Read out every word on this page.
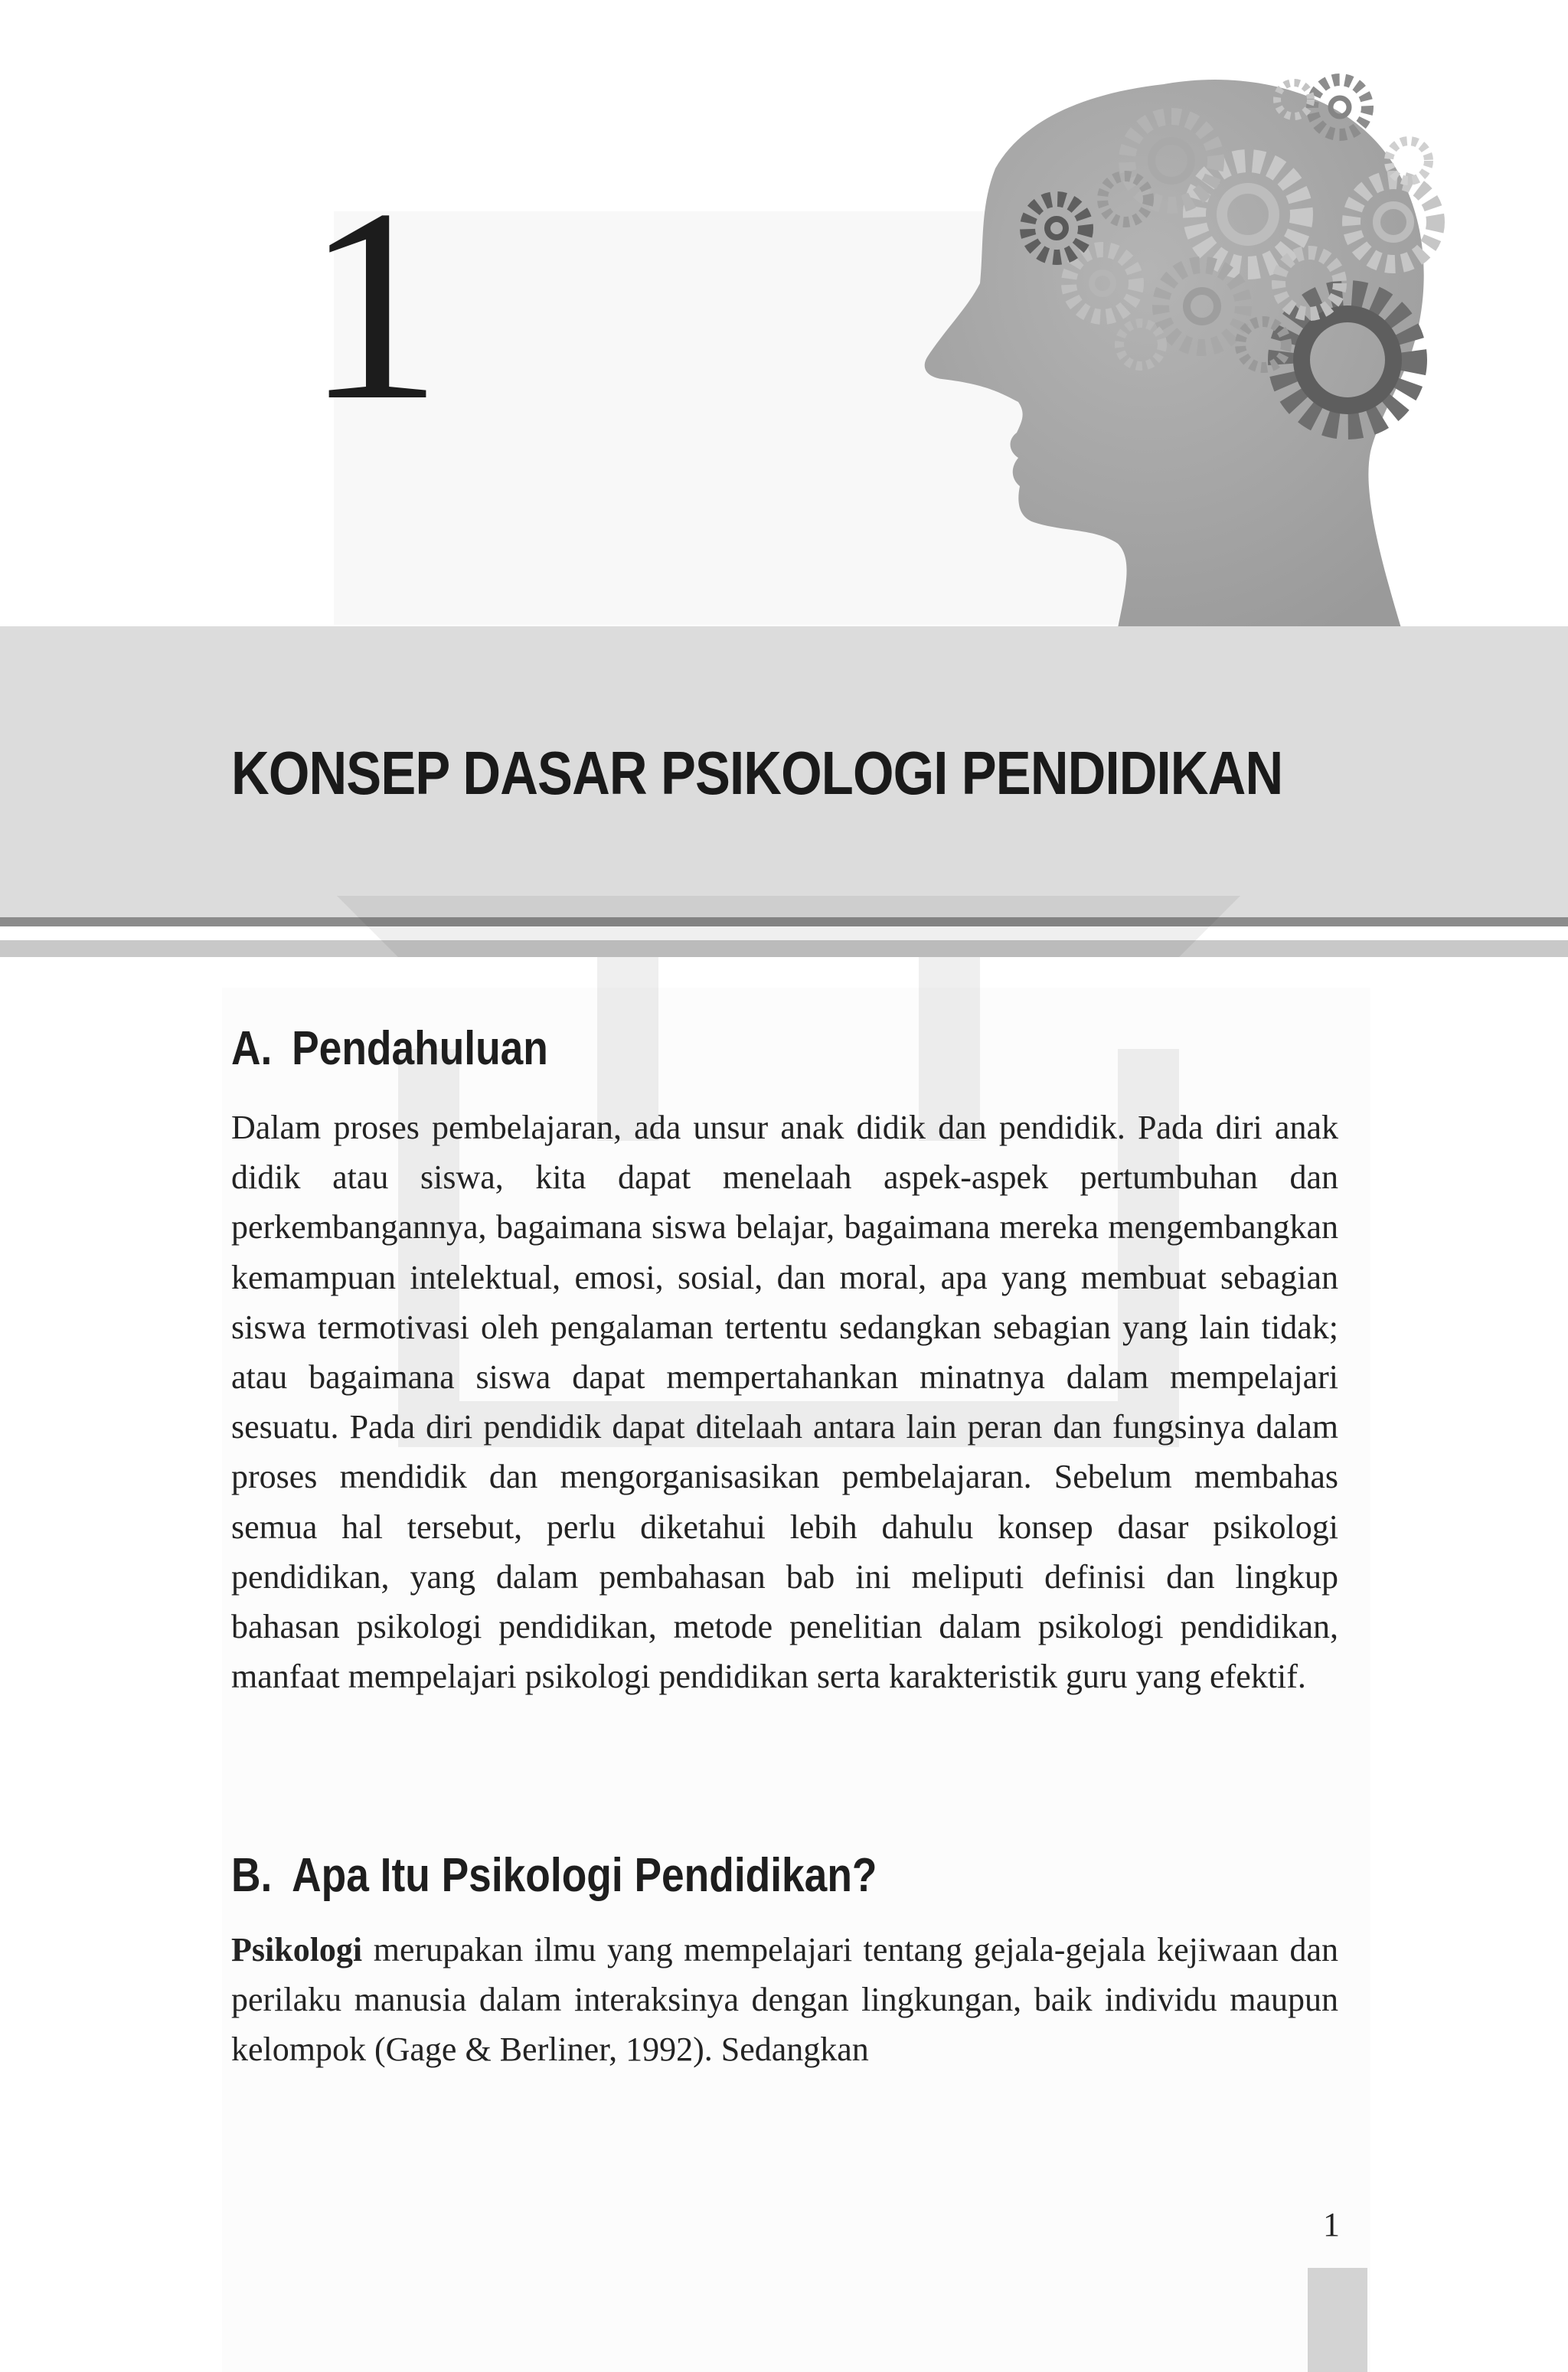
1
KONSEP DASAR PSIKOLOGI PENDIDIKAN
A. Pendahuluan
Dalam proses pembelajaran, ada unsur anak didik dan pendidik. Pada diri anak didik atau siswa, kita dapat menelaah aspek-aspek pertumbuhan dan perkembangannya, bagaimana siswa belajar, bagaimana mereka mengembangkan kemampuan intelektual, emosi, sosial, dan moral, apa yang membuat sebagian siswa termotivasi oleh pengalaman tertentu sedangkan sebagian yang lain tidak; atau bagaimana siswa dapat mempertahankan minatnya dalam mempelajari sesuatu. Pada diri pendidik dapat ditelaah antara lain peran dan fungsinya dalam proses mendidik dan mengorganisasikan pembelajaran. Sebelum membahas semua hal tersebut, perlu diketahui lebih dahulu konsep dasar psikologi pendidikan, yang dalam pembahasan bab ini meliputi definisi dan lingkup bahasan psikologi pendidikan, metode penelitian dalam psikologi pendidikan, manfaat mempelajari psikologi pendidikan serta karakteristik guru yang efektif.
B. Apa Itu Psikologi Pendidikan?
Psikologi merupakan ilmu yang mempelajari tentang gejala-gejala kejiwaan dan perilaku manusia dalam interaksinya dengan lingkungan, baik individu maupun kelompok (Gage & Berliner, 1992). Sedangkan
1
